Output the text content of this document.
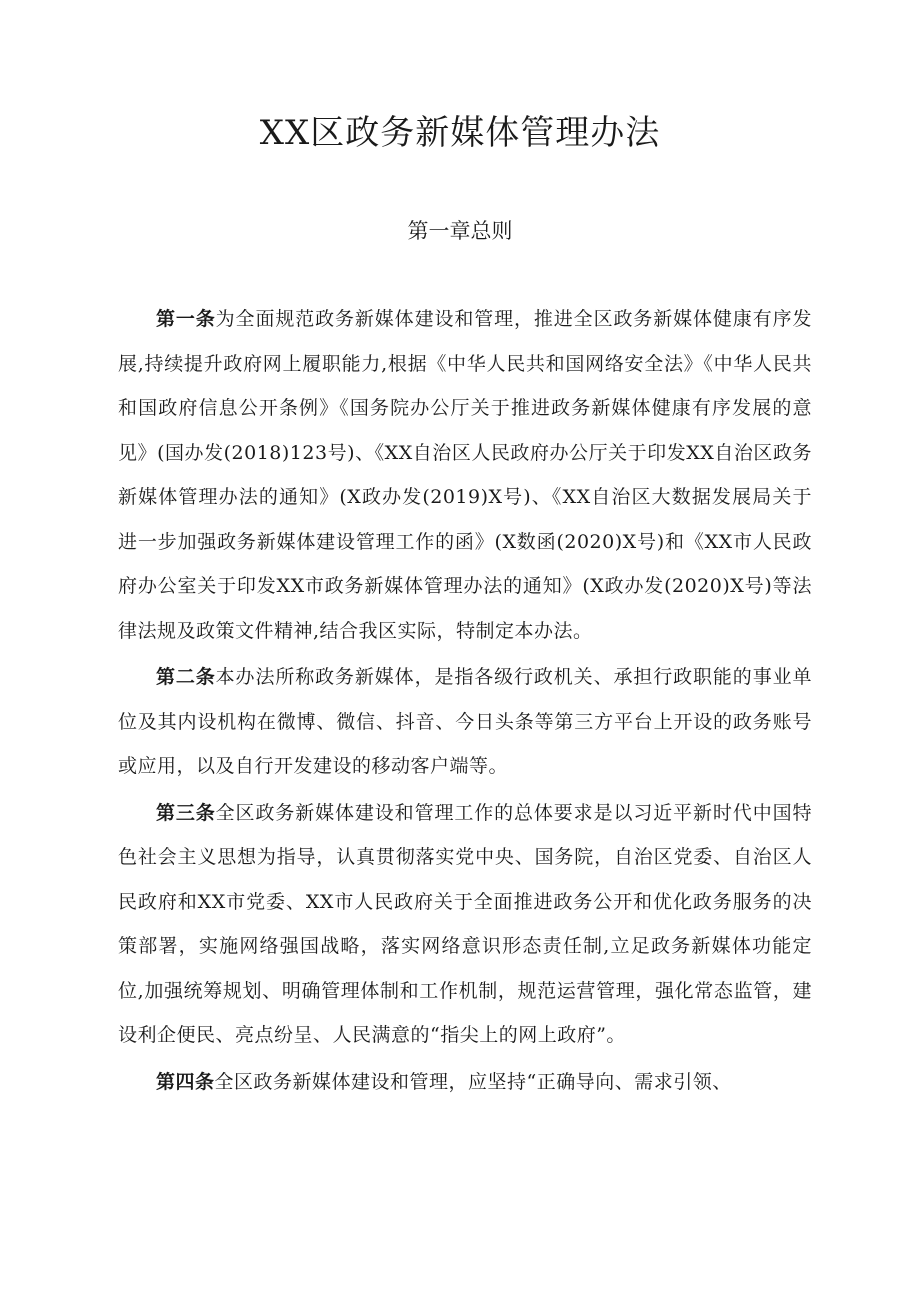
XX区政务新媒体管理办法
第一章总则

第一条为全面规范政务新媒体建设和管理，推进全区政务新媒体健康有序发展,持续提升政府网上履职能力,根据《中华人民共和国网络安全法》《中华人民共和国政府信息公开条例》《国务院办公厅关于推进政务新媒体健康有序发展的意见》(国办发(2018)123号)、《XX自治区人民政府办公厅关于印发XX自治区政务新媒体管理办法的通知》(X政办发(2019)X号)、《XX自治区大数据发展局关于进一步加强政务新媒体建设管理工作的函》(X数函(2020)X号)和《XX市人民政府办公室关于印发XX市政务新媒体管理办法的通知》(X政办发(2020)X号)等法律法规及政策文件精神,结合我区实际，特制定本办法。

第二条本办法所称政务新媒体，是指各级行政机关、承担行政职能的事业单位及其内设机构在微博、微信、抖音、今日头条等第三方平台上开设的政务账号或应用，以及自行开发建设的移动客户端等。

第三条全区政务新媒体建设和管理工作的总体要求是以习近平新时代中国特色社会主义思想为指导，认真贯彻落实党中央、国务院，自治区党委、自治区人民政府和XX市党委、XX市人民政府关于全面推进政务公开和优化政务服务的决策部署，实施网络强国战略，落实网络意识形态责任制,立足政务新媒体功能定位,加强统筹规划、明确管理体制和工作机制，规范运营管理，强化常态监管，建设利企便民、亮点纷呈、人民满意的“指尖上的网上政府”。

第四条全区政务新媒体建设和管理，应坚持“正确导向、需求引领、
